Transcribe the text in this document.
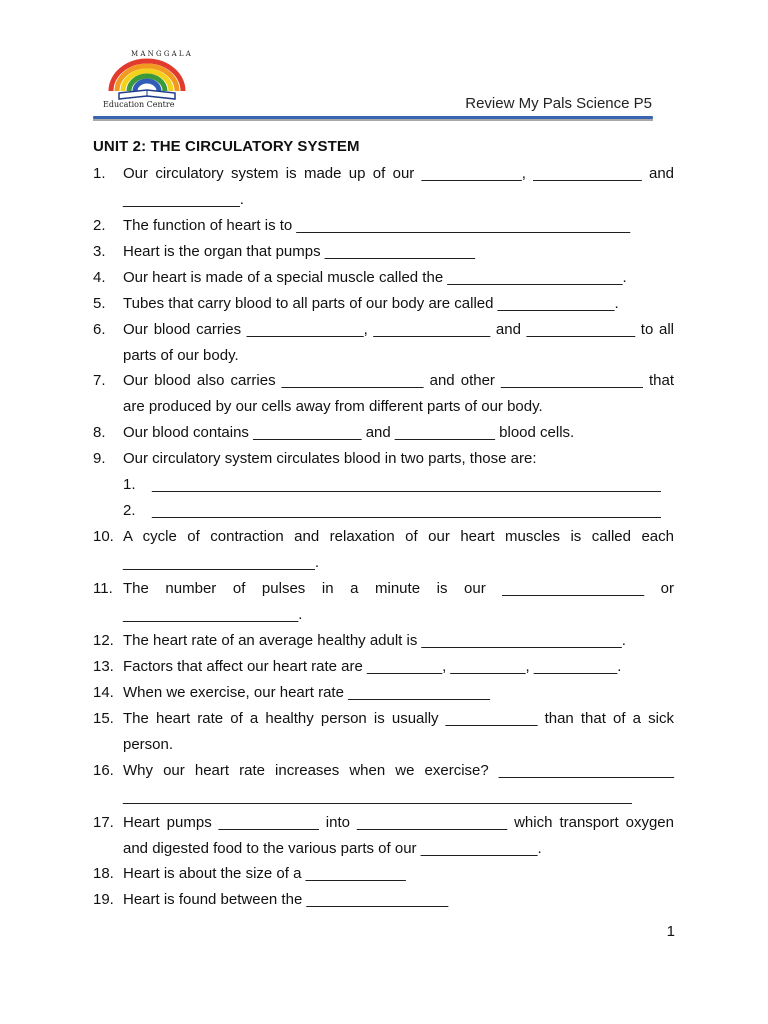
M A N G G A L A
Education Centre	Review My Pals Science P5
UNIT 2: THE CIRCULATORY SYSTEM
1. Our circulatory system is made up of our ____________, _____________ and ______________.
2. The function of heart is to ________________________________________
3. Heart is the organ that pumps __________________
4. Our heart is made of a special muscle called the _____________________.
5. Tubes that carry blood to all parts of our body are called ______________.
6. Our blood carries ______________, ______________ and _____________ to all parts of our body.
7. Our blood also carries _________________ and other _________________ that are produced by our cells away from different parts of our body.
8. Our blood contains _____________ and ____________ blood cells.
9. Our circulatory system circulates blood in two parts, those are:
1. _____________________________________________________________
2. _____________________________________________________________
10. A cycle of contraction and relaxation of our heart muscles is called each _______________________.
11. The number of pulses in a minute is our _________________ or _____________________.
12. The heart rate of an average healthy adult is ________________________.
13. Factors that affect our heart rate are _________, _________, __________.
14. When we exercise, our heart rate _________________
15. The heart rate of a healthy person is usually ___________ than that of a sick person.
16. Why our heart rate increases when we exercise? _____________________ _____________________________________________________________
17. Heart pumps ____________ into __________________ which transport oxygen and digested food to the various parts of our ______________.
18. Heart is about the size of a ____________
19. Heart is found between the _________________
1
